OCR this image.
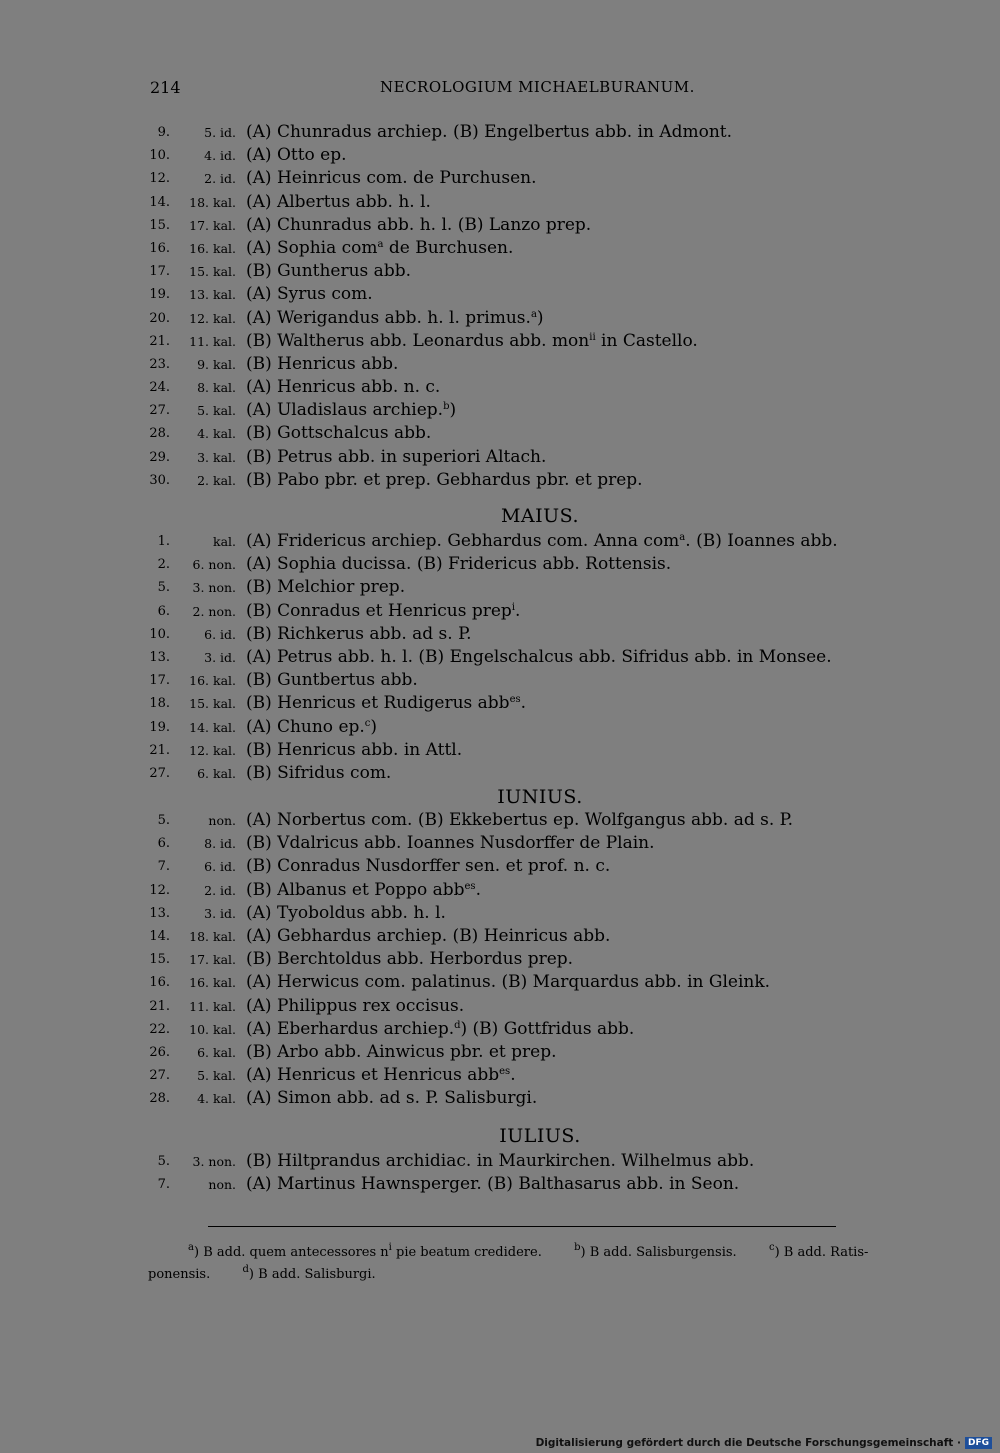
214	NECROLOGIUM MICHAELBURANUM.
9.	5. id. (A) Chunradus archiep. (B) Engelbertus abb. in Admont.
10.	4. id. (A) Otto ep.
12.	2. id. (A) Heinricus com. de Purchusen.
14.	18. kal. (A) Albertus abb. h. l.
15.	17. kal. (A) Chunradus abb. h. l. (B) Lanzo prep.
16.	16. kal. (A) Sophia com$^a$ de Burchusen.
17.	15. kal. (B) Guntherus abb.
19.	13. kal. (A) Syrus com.
20.	12. kal. (A) Werigandus abb. h. l. primus.$^a$)
21.	11. kal. (B) Waltherus abb. Leonardus abb. mon$^{ii}$ in Castello.
23.	9. kal. (B) Henricus abb.
24.	8. kal. (A) Henricus abb. n. c.
27.	5. kal. (A) Uladislaus archiep.$^b$)
28.	4. kal. (B) Gottschalcus abb.
29.	3. kal. (B) Petrus abb. in superiori Altach.
30.	2. kal. (B) Pabo pbr. et prep. Gebhardus pbr. et prep.
MAIUS.
1.	kal. (A) Fridericus archiep. Gebhardus com. Anna com$^a$. (B) Ioannes abb.
2.	6. non. (A) Sophia ducissa. (B) Fridericus abb. Rottensis.
5.	3. non. (B) Melchior prep.
6.	2. non. (B) Conradus et Henricus prep$^i$.
10.	6. id. (B) Richkerus abb. ad s. P.
13.	3. id. (A) Petrus abb. h. l. (B) Engelschalcus abb. Sifridus abb. in Monsee.
17.	16. kal. (B) Guntbertus abb.
18.	15. kal. (B) Henricus et Rudigerus abb$^{es}$.
19.	14. kal. (A) Chuno ep.$^c$)
21.	12. kal. (B) Henricus abb. in Attl.
27.	6. kal. (B) Sifridus com.
IUNIUS.
5.	non. (A) Norbertus com. (B) Ekkebertus ep. Wolfgangus abb. ad s. P.
6.	8. id. (B) Vdalricus abb. Ioannes Nusdorffer de Plain.
7.	6. id. (B) Conradus Nusdorffer sen. et prof. n. c.
12.	2. id. (B) Albanus et Poppo abb$^{es}$.
13.	3. id. (A) Tyoboldus abb. h. l.
14.	18. kal. (A) Gebhardus archiep. (B) Heinricus abb.
15.	17. kal. (B) Berchtoldus abb. Herbordus prep.
16.	16. kal. (A) Herwicus com. palatinus. (B) Marquardus abb. in Gleink.
21.	11. kal. (A) Philippus rex occisus.
22.	10. kal. (A) Eberhardus archiep.$^d$) (B) Gottfridus abb.
26.	6. kal. (B) Arbo abb. Ainwicus pbr. et prep.
27.	5. kal. (A) Henricus et Henricus abb$^{es}$.
28.	4. kal. (A) Simon abb. ad s. P. Salisburgi.
IULIUS.
5.	3. non. (B) Hiltprandus archidiac. in Maurkirchen. Wilhelmus abb.
7.	non. (A) Martinus Hawnsperger. (B) Balthasarus abb. in Seon.
$^a$) B add. quem antecessores $n^i$ pie beatum credidere.	$^b$) B add. Salisburgensis.	$^c$) B add. Ratis-
ponensis.	$^d$) B add. Salisburgi.
Digitalisierung gefördert durch die Deutsche Forschungsgemeinschaft · DFG
